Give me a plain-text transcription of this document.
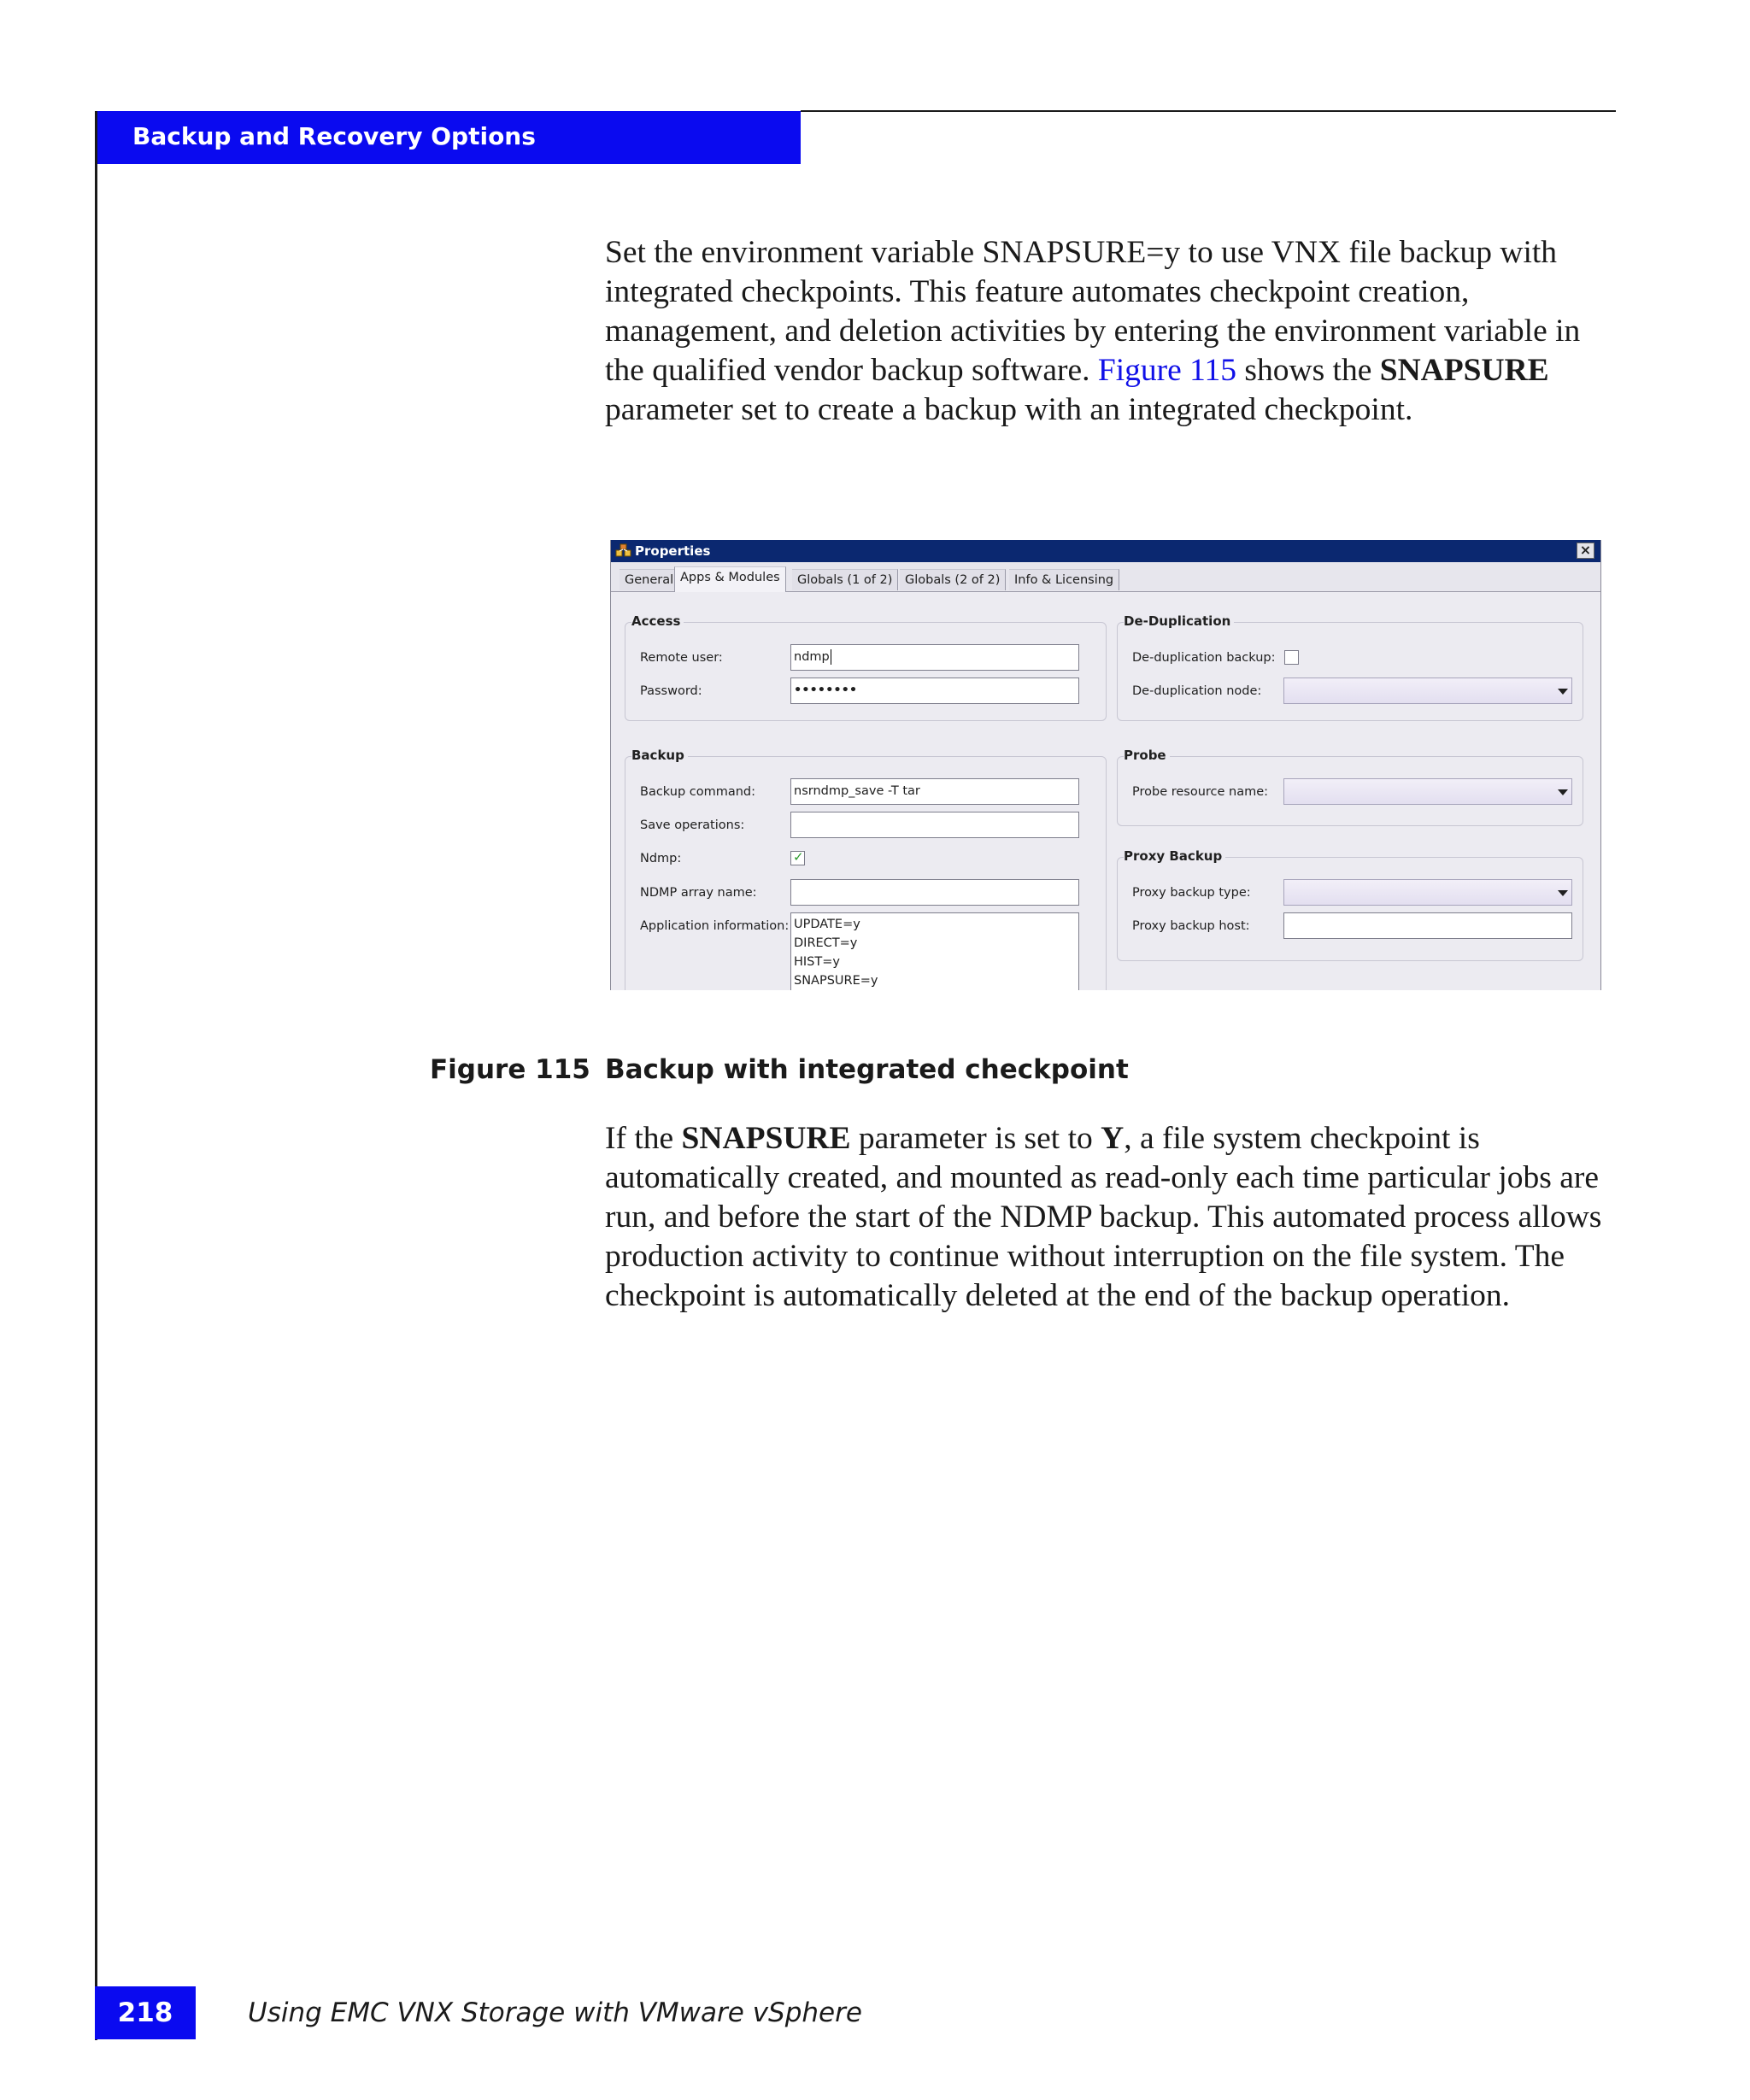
Backup and Recovery Options
Set the environment variable SNAPSURE=y to use VNX file backup with integrated checkpoints. This feature automates checkpoint creation, management, and deletion activities by entering the environment variable in the qualified vendor backup software. Figure 115 shows the SNAPSURE parameter set to create a backup with an integrated checkpoint.
Properties	×
General Apps & Modules	Globals (1 of 2)	Globals (2 of 2)	Info & Licensing
Access
Remote user:	ndmp
Password:	••••••••
Backup
Backup command:	nsrndmp_save -T tar
Save operations:
Ndmp:	✓
NDMP array name:
Application information: UPDATE=y
DIRECT=y
HIST=y
SNAPSURE=y
De-Duplication
De-duplication backup:
De-duplication node:
Probe
Probe resource name:
Proxy Backup
Proxy backup type:
Proxy backup host:
Figure 115 Backup with integrated checkpoint
If the SNAPSURE parameter is set to Y, a file system checkpoint is automatically created, and mounted as read-only each time particular jobs are run, and before the start of the NDMP backup. This automated process allows production activity to continue without interruption on the file system. The checkpoint is automatically deleted at the end of the backup operation.
218	Using EMC VNX Storage with VMware vSphere
